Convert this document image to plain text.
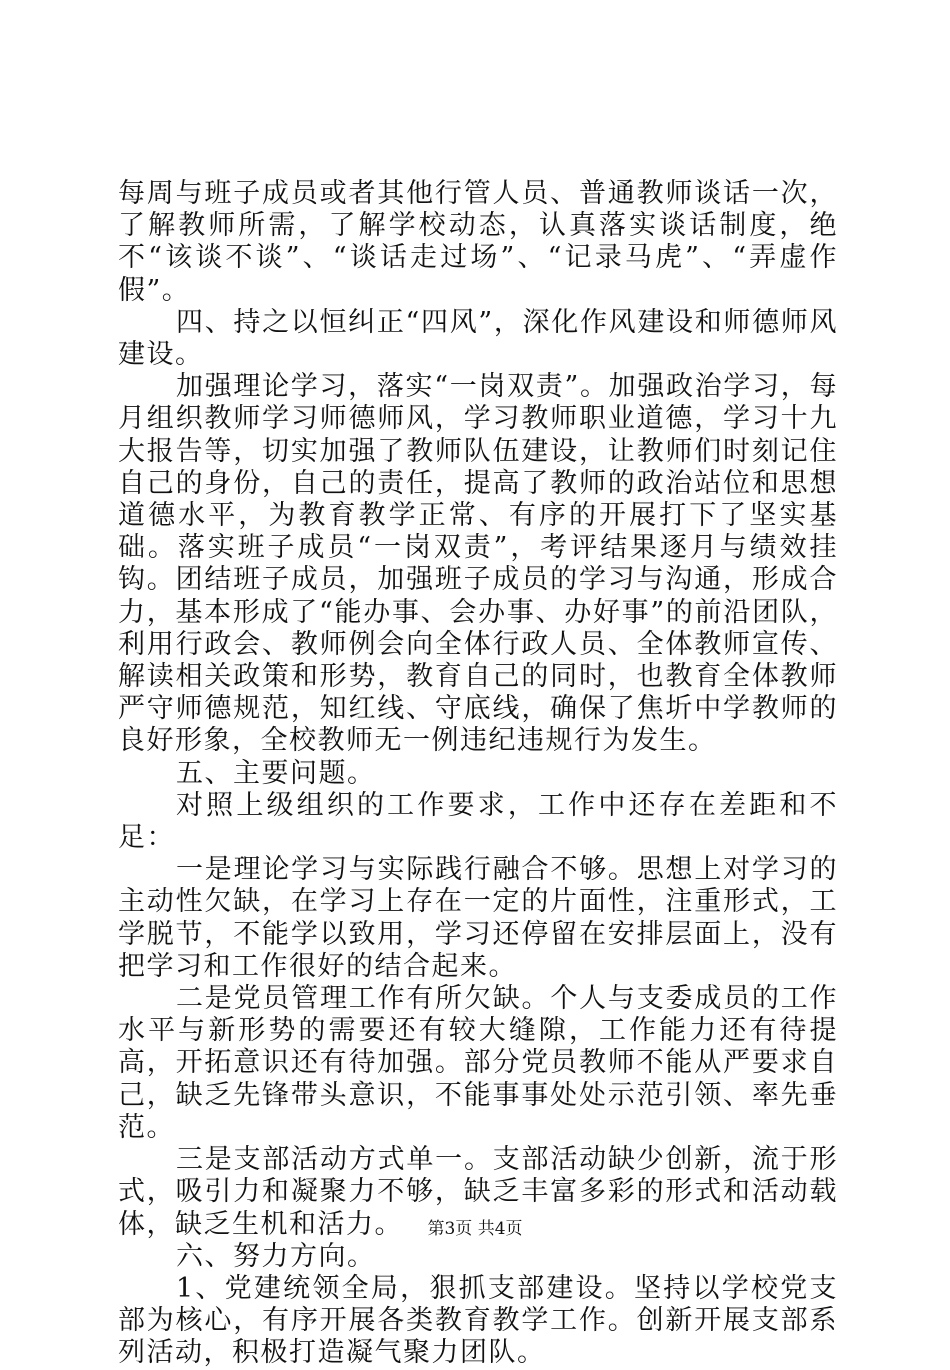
每周与班子成员或者其他行管人员、普通教师谈话一次，了解教师所需，了解学校动态，认真落实谈话制度，绝不“该谈不谈”、“谈话走过场”、“记录马虎”、“弄虚作假”。

四、持之以恒纠正“四风”，深化作风建设和师德师风建设。

加强理论学习，落实“一岗双责”。加强政治学习，每月组织教师学习师德师风，学习教师职业道德，学习十九大报告等，切实加强了教师队伍建设，让教师们时刻记住自己的身份，自己的责任，提高了教师的政治站位和思想道德水平，为教育教学正常、有序的开展打下了坚实基础。落实班子成员“一岗双责”，考评结果逐月与绩效挂钩。团结班子成员，加强班子成员的学习与沟通，形成合力，基本形成了“能办事、会办事、办好事”的前沿团队，利用行政会、教师例会向全体行政人员、全体教师宣传、解读相关政策和形势，教育自己的同时，也教育全体教师严守师德规范，知红线、守底线，确保了焦圻中学教师的良好形象，全校教师无一例违纪违规行为发生。

五、主要问题。

对照上级组织的工作要求，工作中还存在差距和不足：

一是理论学习与实际践行融合不够。思想上对学习的主动性欠缺，在学习上存在一定的片面性，注重形式，工学脱节，不能学以致用，学习还停留在安排层面上，没有把学习和工作很好的结合起来。

二是党员管理工作有所欠缺。个人与支委成员的工作水平与新形势的需要还有较大缝隙，工作能力还有待提高，开拓意识还有待加强。部分党员教师不能从严要求自己，缺乏先锋带头意识，不能事事处处示范引领、率先垂范。

三是支部活动方式单一。支部活动缺少创新，流于形式，吸引力和凝聚力不够，缺乏丰富多彩的形式和活动载体，缺乏生机和活力。

六、努力方向。

1、党建统领全局，狠抓支部建设。坚持以学校党支部为核心，有序开展各类教育教学工作。创新开展支部系列活动，积极打造凝气聚力团队。

第3页 共4页
